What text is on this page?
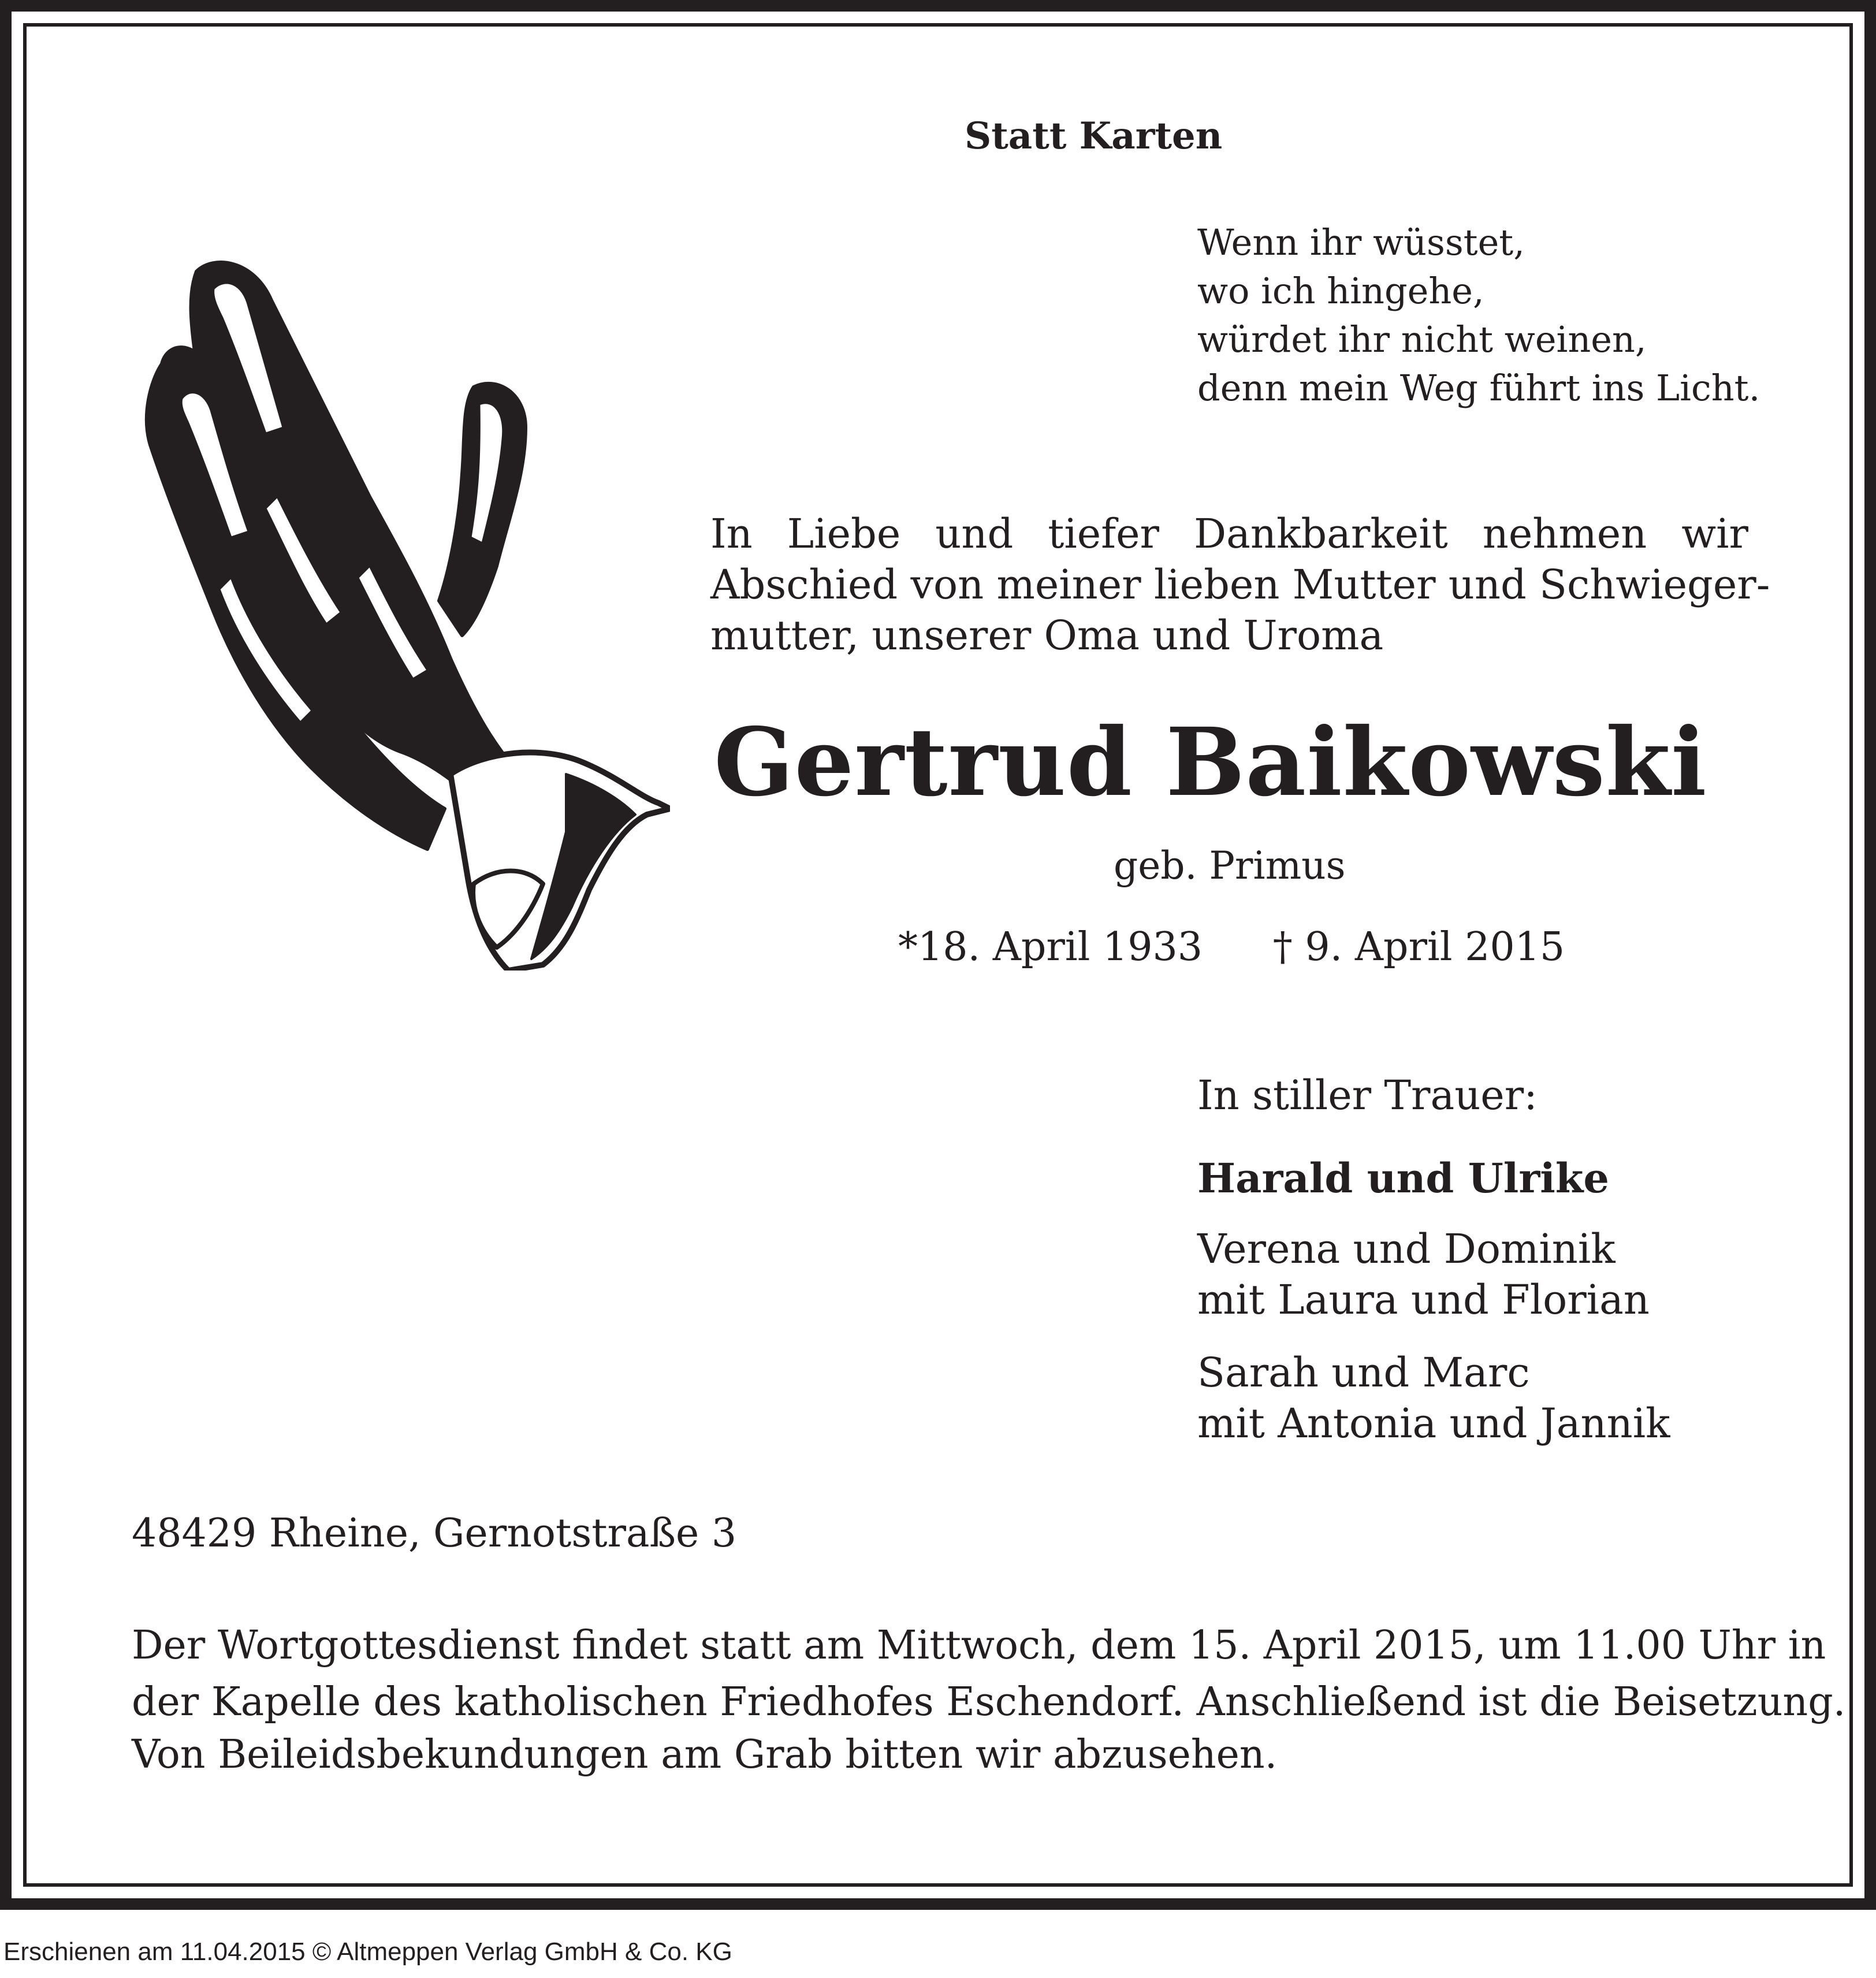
Statt Karten
Wenn ihr wüsstet,
wo ich hingehe,
würdet ihr nicht weinen,
denn mein Weg führt ins Licht.
In Liebe und tiefer Dankbarkeit nehmen wir
Abschied von meiner lieben Mutter und Schwieger-
mutter, unserer Oma und Uroma
Gertrud Baikowski
geb. Primus
*18. April 1933 † 9. April 2015
In stiller Trauer:
Harald und Ulrike
Verena und Dominik
mit Laura und Florian
Sarah und Marc
mit Antonia und Jannik
48429 Rheine, Gernotstraße 3
Der Wortgottesdienst findet statt am Mittwoch, dem 15. April 2015, um 11.00 Uhr in
der Kapelle des katholischen Friedhofes Eschendorf. Anschließend ist die Beisetzung.
Von Beileidsbekundungen am Grab bitten wir abzusehen.
Erschienen am 11.04.2015 © Altmeppen Verlag GmbH & Co. KG
